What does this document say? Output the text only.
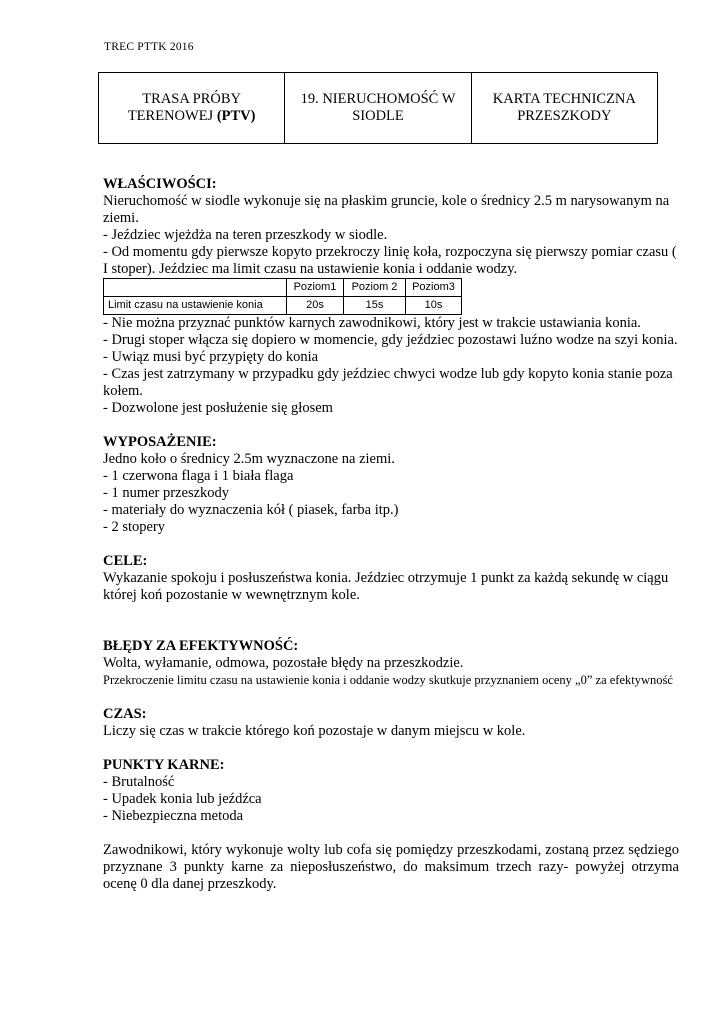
TREC PTTK 2016
TRASA PRÓBY
TERENOWEJ (PTV)	19. NIERUCHOMOŚĆ W SIODLE	KARTA TECHNICZNA PRZESZKODY

WŁAŚCIWOŚCI:

Nieruchomość w siodle wykonuje się na płaskim gruncie, kole o średnicy 2.5 m narysowanym na ziemi.

- Jeździec wjeżdża na teren przeszkody w siodle.

- Od momentu gdy pierwsze kopyto przekroczy linię koła, rozpoczyna się pierwszy pomiar czasu ( I stoper). Jeździec ma limit czasu na ustawienie konia i oddanie wodzy.

	Poziom1	Poziom 2	Poziom3
Limit czasu na ustawienie konia	20s	15s	10s

- Nie można przyznać punktów karnych zawodnikowi, który jest w trakcie ustawiania konia.

- Drugi stoper włącza się dopiero w momencie, gdy jeździec pozostawi luźno wodze na szyi konia.

- Uwiąz musi być przypięty do konia

- Czas jest zatrzymany w przypadku gdy jeździec chwyci wodze lub gdy kopyto konia stanie poza kołem.

- Dozwolone jest posłużenie się głosem

WYPOSAŻENIE:

Jedno koło o średnicy 2.5m wyznaczone na ziemi.

- 1 czerwona flaga i 1 biała flaga

- 1 numer przeszkody

- materiały do wyznaczenia kół ( piasek, farba itp.)

- 2 stopery

CELE:

Wykazanie spokoju i posłuszeństwa konia. Jeździec otrzymuje 1 punkt za każdą sekundę w ciągu której koń pozostanie w wewnętrznym kole.

BŁĘDY ZA EFEKTYWNOŚĆ:

Wolta, wyłamanie, odmowa, pozostałe błędy na przeszkodzie.

Przekroczenie limitu czasu na ustawienie konia i oddanie wodzy skutkuje przyznaniem oceny „0” za efektywność

CZAS:

Liczy się czas w trakcie którego koń pozostaje w danym miejscu w kole.

PUNKTY KARNE:

- Brutalność

- Upadek konia lub jeźdźca

- Niebezpieczna metoda

Zawodnikowi, który wykonuje wolty lub cofa się pomiędzy przeszkodami, zostaną przez sędziego przyznane 3 punkty karne za nieposłuszeństwo, do maksimum trzech razy- powyżej otrzyma ocenę 0 dla danej przeszkody.
